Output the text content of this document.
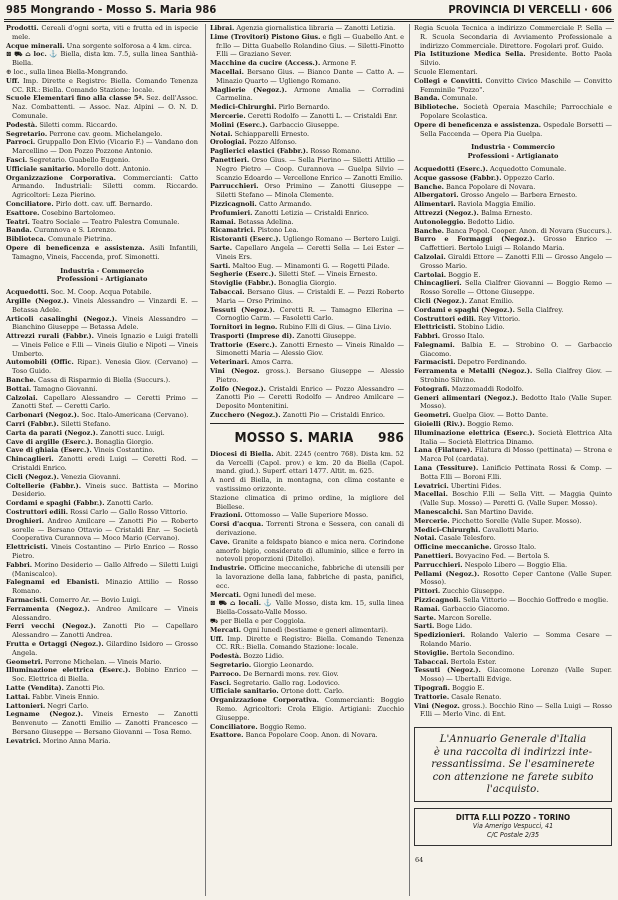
985 Mongrando - Mosso S. Maria 986	PROVINCIA DI VERCELLI · 606

Prodotti. Cereali d'ogni sorta, viti e frutta ed in ispecie mele.

Acque minerali. Una sorgente solforosa a 4 km. circa.

⊠ ⛟ ⌂ loc. ⚓ Biella, dista km. 7.5, sulla linea Santhià-Biella.

⊕ loc., sulla linea Biella-Mongrando.

Uff. Imp. Dirette e Registro: Biella. Comando Tenenza CC. RR.: Biella. Comando Stazione: locale.

Scuole Elementari fino alla classe 5ª. Sez. dell'Assoc. Naz. Combattenti. — Assoc. Naz. Alpini — O. N. D. Comunale.

Podestà. Siletti comm. Riccardo.

Segretario. Perrone cav. geom. Michelangelo.

Parroci. Gruppallo Don Elvio (Vicario F.) — Vandano don Marcellino — Don Pozzo Pozzone Antonio.

Fasci. Segretario. Guabello Eugenio.

Ufficiale sanitario. Morello dott. Antonio.

Organizzazione Corporativa. Commercianti: Catto Armando. Industriali: Siletti comm. Riccardo. Agricoltori: Leza Pierino.

Conciliatore. Pirlo dott. cav. uff. Bernardo.

Esattore. Cosebino Bartolomeo.

Teatri. Teatro Sociale — Teatro Palestra Comunale.

Banda. Curannova e S. Lorenzo.

Biblioteca. Comunale Pietrina.

Opere di beneficenza e assistenza. Asili Infantili, Tamagno, Vineis, Faccenda, prof. Simonetti.

Industria - Commercio
Professioni - Artigianato

Acquedotti. Soc. M. Coop. Acqua Potabile.

Argille (Negoz.). Vineis Alessandro — Vinzardi E. — Betassa Adele.

Articoli casalinghi (Negoz.). Vineis Alessandro — Bianchino Giuseppe — Betassa Adele.

Attrezzi rurali (Fabbr.). Vineis Ignazio e Luigi fratelli — Vineis Felice e F.lli — Vineis Giulio e Nipoti — Vineis Umberto.

Automobili (Offic. Ripar.). Venesia Giov. (Cervano) — Toso Guido.

Banche. Cassa di Risparmio di Biella (Succurs.).

Bottai. Tamagno Giovanni.

Calzolai. Capellaro Alessandro — Ceretti Primo — Zanotti Stef. — Ceretti Carlo.

Carbonari (Negoz.). Soc. Italo-Americana (Cervano).

Carri (Fabbr.). Siletti Stefano.

Carta da parati (Negoz.). Zanotti succ. Luigi.

Cave di argille (Eserc.). Bonaglia Giorgio.

Cave di ghiaia (Eserc.). Vineis Costantino.

Chincaglieri. Zanotti eredi Luigi — Ceretti Rod. — Cristaldi Enrico.

Cicli (Negoz.). Venezia Giovanni.

Coltellerie (Fabbr.). Vineis succ. Battista — Morino Desiderio.

Cordami e spaghi (Fabbr.). Zanotti Carlo.

Costruttori edili. Rossi Carlo — Gallo Rosso Vittorio.

Droghieri. Andreo Amilcare — Zanotti Pio — Roberto sorelle — Bersano Ottavio — Cristaldi Enr. — Società Cooperativa Curannova — Moco Mario (Cervano).

Elettricisti. Vineis Costantino — Pirlo Enrico — Rosso Pietro.

Fabbri. Morino Desiderio — Gallo Alfredo — Siletti Luigi (Maniscalco).

Falegnami ed Ebanisti. Minazio Attilio — Rosso Romano.

Farmacisti. Comerro Ar. — Bovio Luigi.

Ferramenta (Negoz.). Andreo Amilcare — Vineis Alessandro.

Ferri vecchi (Negoz.). Zanotti Pio — Capellaro Alessandro — Zanotti Andrea.

Frutta e Ortaggi (Negoz.). Gilardino Isidoro — Grosso Angela.

Geometri. Perrone Michelan. — Vineis Mario.

Illuminazione elettrica (Eserc.). Bobino Enrico — Soc. Elettrica di Biella.

Latte (Vendita). Zanotti Pio.

Lattai. Fabbr. Vineis Ennio.

Lattonieri. Negri Carlo.

Legname (Negoz.). Vineis Ernesto — Zanotti Benvenuto — Zanotti Emilio — Zanotti Francesco — Bersano Giuseppe — Bersano Giovanni — Tosa Remo.

Levatrici. Morino Anna Maria.

Librai. Agenzia giornalistica libraria — Zanotti Letizia.

Lime (Trovitori) Pistono Gius. e figli — Guabello Ant. e fr.llo — Ditta Guabello Rolandino Gius. — Siletti-Finotto F.lli — Graziano Sever.

Macchine da cucire (Access.). Armone F.

Macellai. Bersano Gius. — Bianco Dante — Catto A. — Minazio Quarto — Ugliengo Romano.

Maglierie (Negoz.). Armone Amalia — Corradini Carmelina.

Medici-Chirurghi. Pirlo Bernardo.

Mercerie. Ceretti Rodolfo — Zanotti L. — Cristaldi Enr.

Molini (Eserc.). Garbaccio Giuseppe.

Notai. Schiapparelli Ernesto.

Orologiai. Pozzo Alfonso.

Paglierici elastici (Fabbr.). Rosso Romano.

Panettieri. Orso Gius. — Sella Pierino — Siletti Attilio — Negro Pietro — Coop. Curannova — Guelpa Silvio — Scanzio Edoardo — Vercellone Enrico — Zanotti Emilio.

Parrucchieri. Orso Primino — Zanotti Giuseppe — Siletti Stefano — Minola Clemente.

Pizzicagnoli. Catto Armando.

Profumieri. Zanotti Letizia — Cristaldi Enrico.

Ramai. Betassa Adelina.

Ricamatrici. Pistono Lea.

Ristoranti (Eserc.). Ugliengo Romano — Bertero Luigi.

Sarte. Capellaro Angela — Ceretti Sella — Lei Ester — Vineis Ers.

Sarti. Maltoo Eug. — Minamonti G. — Rogetti Pilade.

Segherie (Eserc.). Siletti Stef. — Vineis Ernesto.

Stoviglie (Fabbr.). Bonaglia Giorgio.

Tabaccai. Bersano Gius. — Cristaldi E. — Pezzi Roberto Maria — Orso Primino.

Tessuti (Negoz.). Ceretti R. — Tamagno Ellerina — Cornoglio Carm. — Fasoletti Carlo.

Tornitori in legno. Rubino F.lli di Gius. — Gina Livio.

Trasporti (Imprese di). Zanotti Giuseppe.

Trattorie (Eserc.). Zanotti Ernesto — Vineis Rinaldo — Simonetti Maria — Alessio Giov.

Veterinari. Amos Carra.

Vini (Negoz. gross.). Bersano Giuseppe — Alessio Pietro.

Zolfo (Negoz.). Cristaldi Enrico — Pozzo Alessandro — Zanotti Pio — Ceretti Rodolfo — Andreo Amilcare — Deposito Montenitini.

Zucchero (Negoz.). Zanotti Pio — Cristaldi Enrico.

986
MOSSO S. MARIA

Diocesi di Biella. Abit. 2245 (centro 768). Dista km. 52 da Vercelli (Capol. prov.) e km. 20 da Biella (Capol. mand. giud.). Superf. ettari 1477. Altit. m. 625.

A nord di Biella, in montagna, con clima costante e vastissimo orizzonte.

Stazione climatica di primo ordine, la migliore del Biellese.

Frazioni. Ottomosso — Valle Superiore Mosso.

Corsi d'acqua. Torrenti Strona e Sessera, con canali di derivazione.

Cave. Granite a feldspato bianco e mica nera. Corindone amorfo bigio, considerato di alluminio, silice e ferro in notevoli proporzioni (Ditello).

Industrie. Officine meccaniche, fabbriche di utensili per la lavorazione della lana, fabbriche di pasta, panifici, ecc.

Mercati. Ogni lunedì del mese.

⊠ ⛟ ⌂ locali. ⚓ Valle Mosso, dista km. 15, sulla linea Biella-Cossato-Valle Mosso.

⛟ per Biella e per Coggiola.

Mercati. Ogni lunedì (bestiame e generi alimentari).

Uff. Imp. Dirette e Registro: Biella. Comando Tenenza CC. RR.: Biella. Comando Stazione: locale.

Podestà. Bozzo Lidio.

Segretario. Giorgio Leonardo.

Parroco. De Bernardi mons. rev. Giov.

Fasci. Segretario. Gallo rag. Lodovico.

Ufficiale sanitario. Ortone dott. Carlo.

Organizzazione Corporativa. Commercianti: Boggio Remo. Agricoltori: Crola Eligio. Artigiani: Zucchio Giuseppe.

Conciliatore. Boggio Remo.

Esattore. Banca Popolare Coop. Anon. di Novara.

Regia Scuola Tecnica a indirizzo Commerciale P. Sella — R. Scuola Secondaria di Avviamento Professionale a indirizzo Commerciale. Direttore. Fogolari prof. Guido.

Pia Istituzione Medica Sella. Presidente. Botto Paola Silvio.

Scuole Elementari.

Collegi e Convitti. Convitto Civico Maschile — Convitto Femminile "Pozzo".

Banda. Comunale.

Biblioteche. Società Operaia Maschile; Parrocchiale e Popolare Scolastica.

Opere di beneficenza e assistenza. Ospedale Borsetti — Sella Faccenda — Opera Pia Guelpa.

Industria - Commercio
Professioni - Artigianato

Acquedotti (Eserc.). Acquedotto Comunale.

Acque gassose (Fabbr.). Oppezzo Carlo.

Banche. Banca Popolare di Novara.

Albergatori. Grosso Angelo — Barbera Ernesto.

Alimentari. Raviola Maggia Emilio.

Attrezzi (Negoz.). Balma Ernesto.

Autonoleggio. Bedotto Lidio.

Banche. Banca Popol. Cooper. Anon. di Novara (Succurs.).

Burro e Formaggi (Negoz.). Grosso Enrico — Caffettieri. Bertolo Luigi — Rolando Maria.

Calzolai. Giraldi Ettore — Zanotti F.lli — Grosso Angelo — Grosso Mario.

Cartolai. Boggio E.

Chincaglieri. Sella Cialfrer Giovanni — Boggio Remo — Rosso Sorelle — Ottone Giuseppe.

Cicli (Negoz.). Zanat Emilio.

Cordami e spaghi (Negoz.). Sella Cialfrey.

Costruttori edili. Rey Vittorio.

Elettricisti. Stobino Lidio.

Fabbri. Grosso Italo.

Falegnami. Balbia E. — Strobino O. — Garbaccio Giacomo.

Farmacisti. Depetro Ferdinando.

Ferramenta e Metalli (Negoz.). Sella Cialfrey Giov. — Strobino Silvino.

Fotografi. Mazzomaddi Rodolfo.

Generi alimentari (Negoz.). Bedotto Italo (Valle Super. Mosso).

Geometri. Guelpa Giov. — Botto Dante.

Gioielli (Riv.). Boggio Remo.

Illuminazione elettrica (Eserc.). Società Elettrica Alta Italia — Società Elettrica Dinamo.

Lana (Filature). Filatura di Mosso (pettinata) — Strona e Marca Pol (cardata).

Lana (Tessiture). Lanificio Pettinata Rossi & Comp. — Botta F.lli — Boroni F.lli.

Levatrici. Ubertini Fides.

Macellai. Boschio F.lli — Sella Vitt. — Maggia Quinto (Valle Sup. Mosso) — Peretti G. (Valle Super. Mosso).

Manescalchi. San Martino Davide.

Mercerie. Picchetto Sorelle (Valle Super. Mosso).

Medici-Chirurghi. Cavallotti Mario.

Notai. Casale Telesforo.

Officine meccaniche. Grosso Italo.

Panettieri. Bovyacino Fed. — Bertola S.

Parrucchieri. Nespolo Libero — Boggio Elia.

Pellami (Negoz.). Rosotto Ceper Cantone (Valle Super. Mosso).

Pittori. Zucchio Giuseppe.

Pizzicagnoli. Sella Vittorio — Bocchio Goffredo e moglie.

Ramai. Garbaccio Giacomo.

Sarte. Marcon Sorelle.

Sarti. Boge Lido.

Spedizionieri. Rolando Valerio — Somma Cesare — Rolando Mario.

Stoviglie. Bertola Secondino.

Tabaccai. Bertola Ester.

Tessuti (Negoz.). Giacomone Lorenzo (Valle Super. Mosso) — Ubertalli Edvige.

Tipografi. Boggio E.

Trattorie. Casale Renato.

Vini (Negoz. gross.). Bocchio Rino — Sella Luigi — Rosso F.lli — Merlo Vinc. di Ent.

L'Annuario Generale d'Italia
è una raccolta di indirizzi inte-
ressantissima. Se l'esaminerete
con attenzione ne farete subito
l'acquisto.
DITTA F.LLI POZZO - TORINO
Via Amerigo Vespucci, 41
C/C Postale 2/35
64
